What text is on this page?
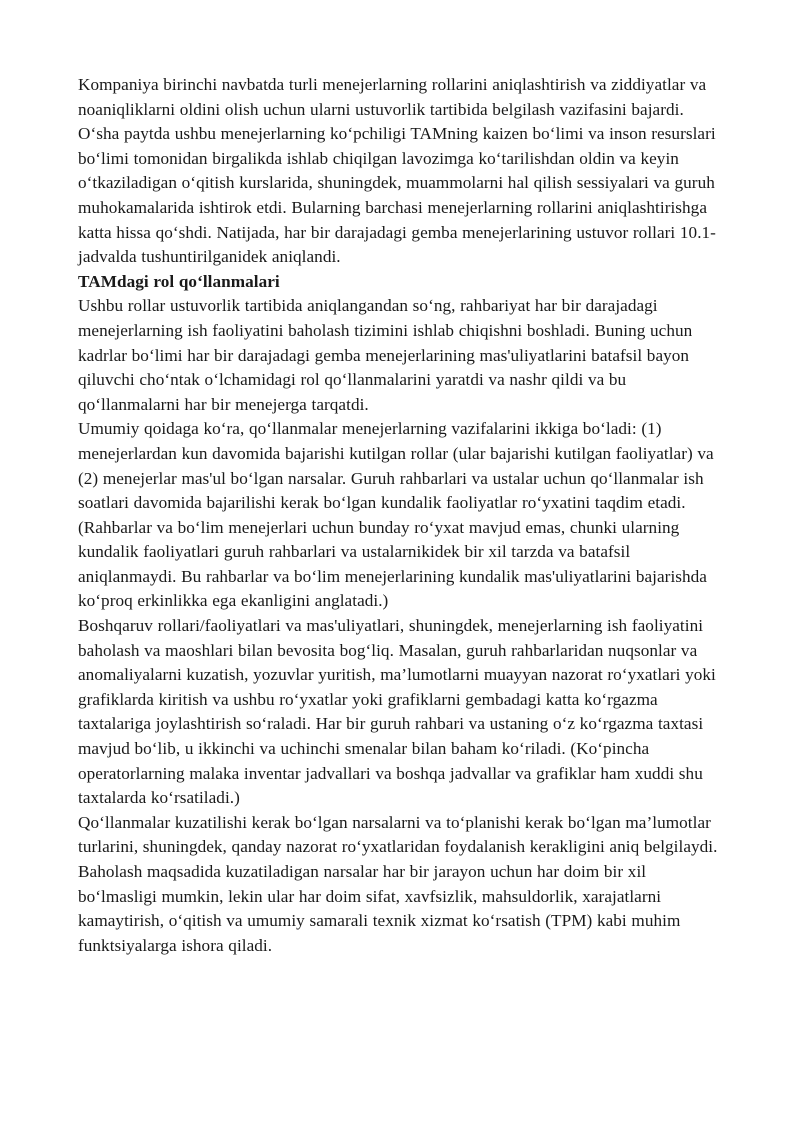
Kompaniya birinchi navbatda turli menejerlarning rollarini aniqlashtirish va ziddiyatlar va noaniqliklarni oldini olish uchun ularni ustuvorlik tartibida belgilash vazifasini bajardi. O‘sha paytda ushbu menejerlarning ko‘pchiligi TAMning kaizen bo‘limi va inson resurslari bo‘limi tomonidan birgalikda ishlab chiqilgan lavozimga ko‘tarilishdan oldin va keyin o‘tkaziladigan o‘qitish kurslarida, shuningdek, muammolarni hal qilish sessiyalari va guruh muhokamalarida ishtirok etdi. Bularning barchasi menejerlarning rollarini aniqlashtirishga katta hissa qo‘shdi. Natijada, har bir darajadagi gemba menejerlarining ustuvor rollari 10.1-jadvalda tushuntirilganidek aniqlandi.

TAMdagi rol qo‘llanmalari

Ushbu rollar ustuvorlik tartibida aniqlangandan so‘ng, rahbariyat har bir darajadagi menejerlarning ish faoliyatini baholash tizimini ishlab chiqishni boshladi. Buning uchun kadrlar bo‘limi har bir darajadagi gemba menejerlarining mas'uliyatlarini batafsil bayon qiluvchi cho‘ntak o‘lchamidagi rol qo‘llanmalarini yaratdi va nashr qildi va bu qo‘llanmalarni har bir menejerga tarqatdi.

Umumiy qoidaga ko‘ra, qo‘llanmalar menejerlarning vazifalarini ikkiga bo‘ladi: (1) menejerlardan kun davomida bajarishi kutilgan rollar (ular bajarishi kutilgan faoliyatlar) va (2) menejerlar mas'ul bo‘lgan narsalar. Guruh rahbarlari va ustalar uchun qo‘llanmalar ish soatlari davomida bajarilishi kerak bo‘lgan kundalik faoliyatlar ro‘yxatini taqdim etadi. (Rahbarlar va bo‘lim menejerlari uchun bunday ro‘yxat mavjud emas, chunki ularning kundalik faoliyatlari guruh rahbarlari va ustalarnikidek bir xil tarzda va batafsil aniqlanmaydi. Bu rahbarlar va bo‘lim menejerlarining kundalik mas'uliyatlarini bajarishda ko‘proq erkinlikka ega ekanligini anglatadi.)

Boshqaruv rollari/faoliyatlari va mas'uliyatlari, shuningdek, menejerlarning ish faoliyatini baholash va maoshlari bilan bevosita bog‘liq. Masalan, guruh rahbarlaridan nuqsonlar va anomaliyalarni kuzatish, yozuvlar yuritish, ma’lumotlarni muayyan nazorat ro‘yxatlari yoki grafiklarda kiritish va ushbu ro‘yxatlar yoki grafiklarni gembadagi katta ko‘rgazma taxtalariga joylashtirish so‘raladi. Har bir guruh rahbari va ustaning o‘z ko‘rgazma taxtasi mavjud bo‘lib, u ikkinchi va uchinchi smenalar bilan baham ko‘riladi. (Ko‘pincha operatorlarning malaka inventar jadvallari va boshqa jadvallar va grafiklar ham xuddi shu taxtalarda ko‘rsatiladi.)

Qo‘llanmalar kuzatilishi kerak bo‘lgan narsalarni va to‘planishi kerak bo‘lgan ma’lumotlar turlarini, shuningdek, qanday nazorat ro‘yxatlaridan foydalanish kerakligini aniq belgilaydi. Baholash maqsadida kuzatiladigan narsalar har bir jarayon uchun har doim bir xil bo‘lmasligi mumkin, lekin ular har doim sifat, xavfsizlik, mahsuldorlik, xarajatlarni kamaytirish, o‘qitish va umumiy samarali texnik xizmat ko‘rsatish (TPM) kabi muhim funktsiyalarga ishora qiladi.
